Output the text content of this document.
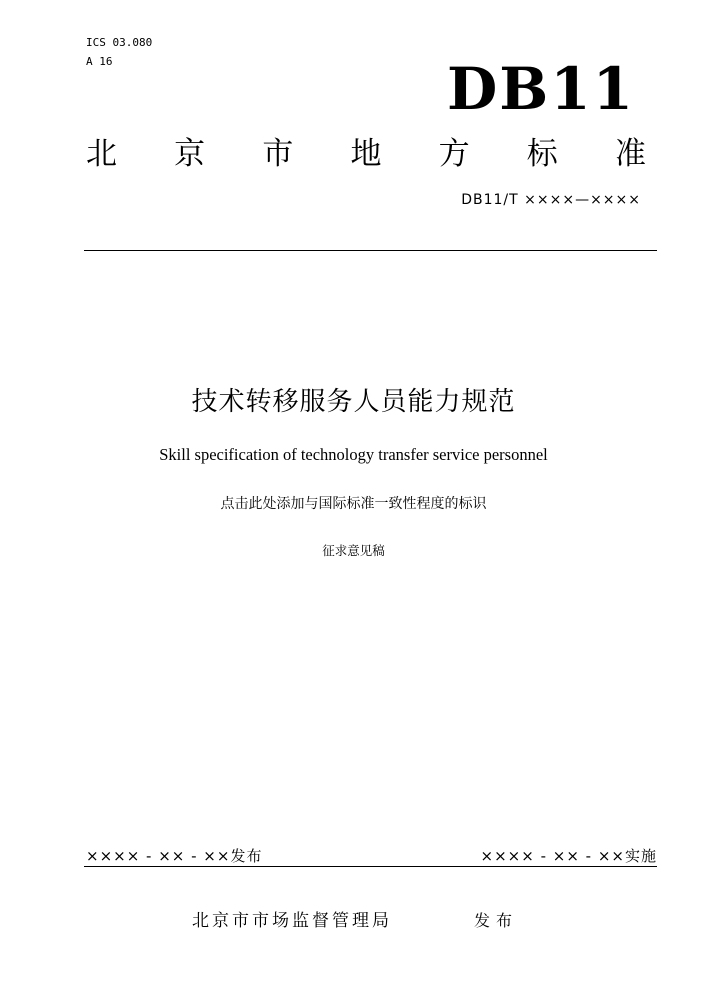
ICS 03.080
A 16	DB11
北 京 市 地 方 标 准
DB11/T ××××—××××
技术转移服务人员能力规范
Skill specification of technology transfer service personnel
点击此处添加与国际标准一致性程度的标识
征求意见稿
×××× - ×× - ××发布	×××× - ×× - ××实施
北京市市场监督管理局	发布
